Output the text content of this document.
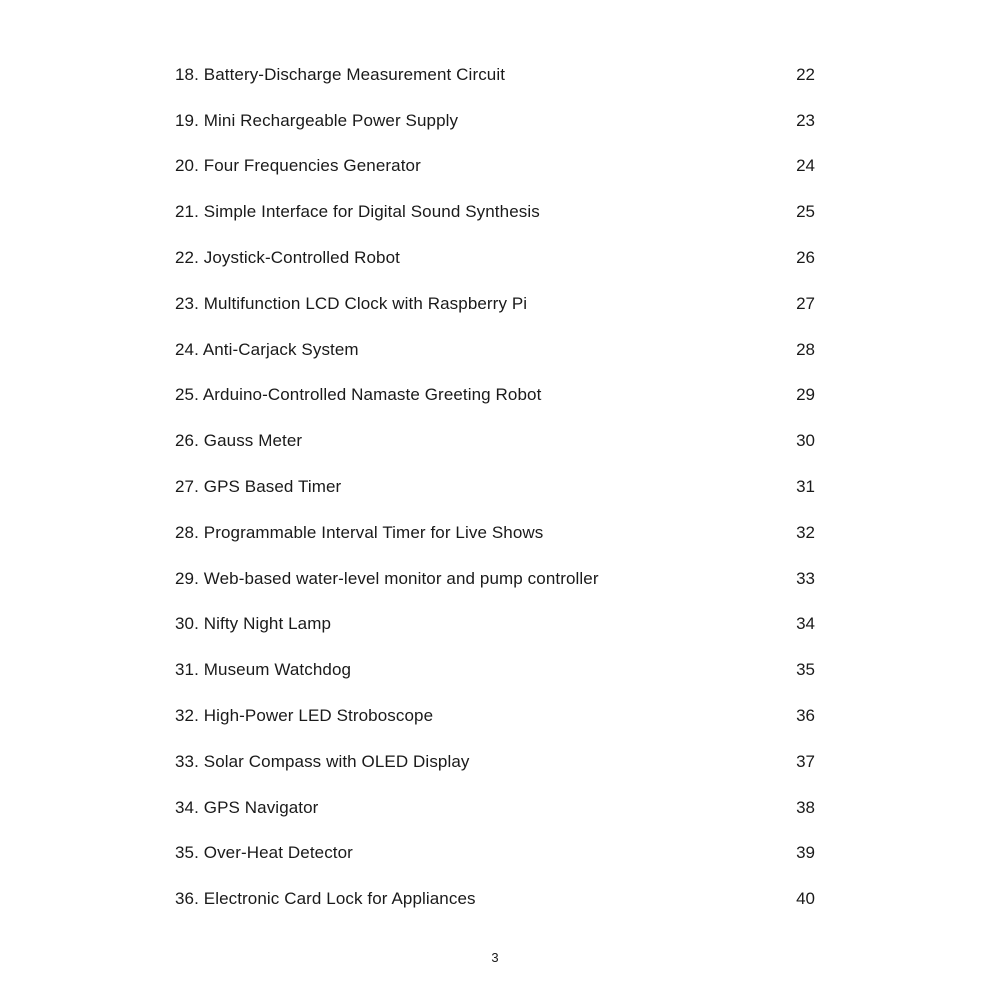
18. Battery-Discharge Measurement Circuit	22
19. Mini Rechargeable Power Supply	23
20. Four Frequencies Generator	24
21. Simple Interface for Digital Sound Synthesis	25
22. Joystick-Controlled Robot	26
23. Multifunction LCD Clock with Raspberry Pi	27
24. Anti-Carjack System	28
25. Arduino-Controlled Namaste Greeting Robot	29
26. Gauss Meter	30
27. GPS Based Timer	31
28. Programmable Interval Timer for Live Shows	32
29. Web-based water-level monitor and pump controller	33
30. Nifty Night Lamp	34
31. Museum Watchdog	35
32. High-Power LED Stroboscope	36
33. Solar Compass with OLED Display	37
34. GPS Navigator	38
35. Over-Heat Detector	39
36. Electronic Card Lock for Appliances	40
3
